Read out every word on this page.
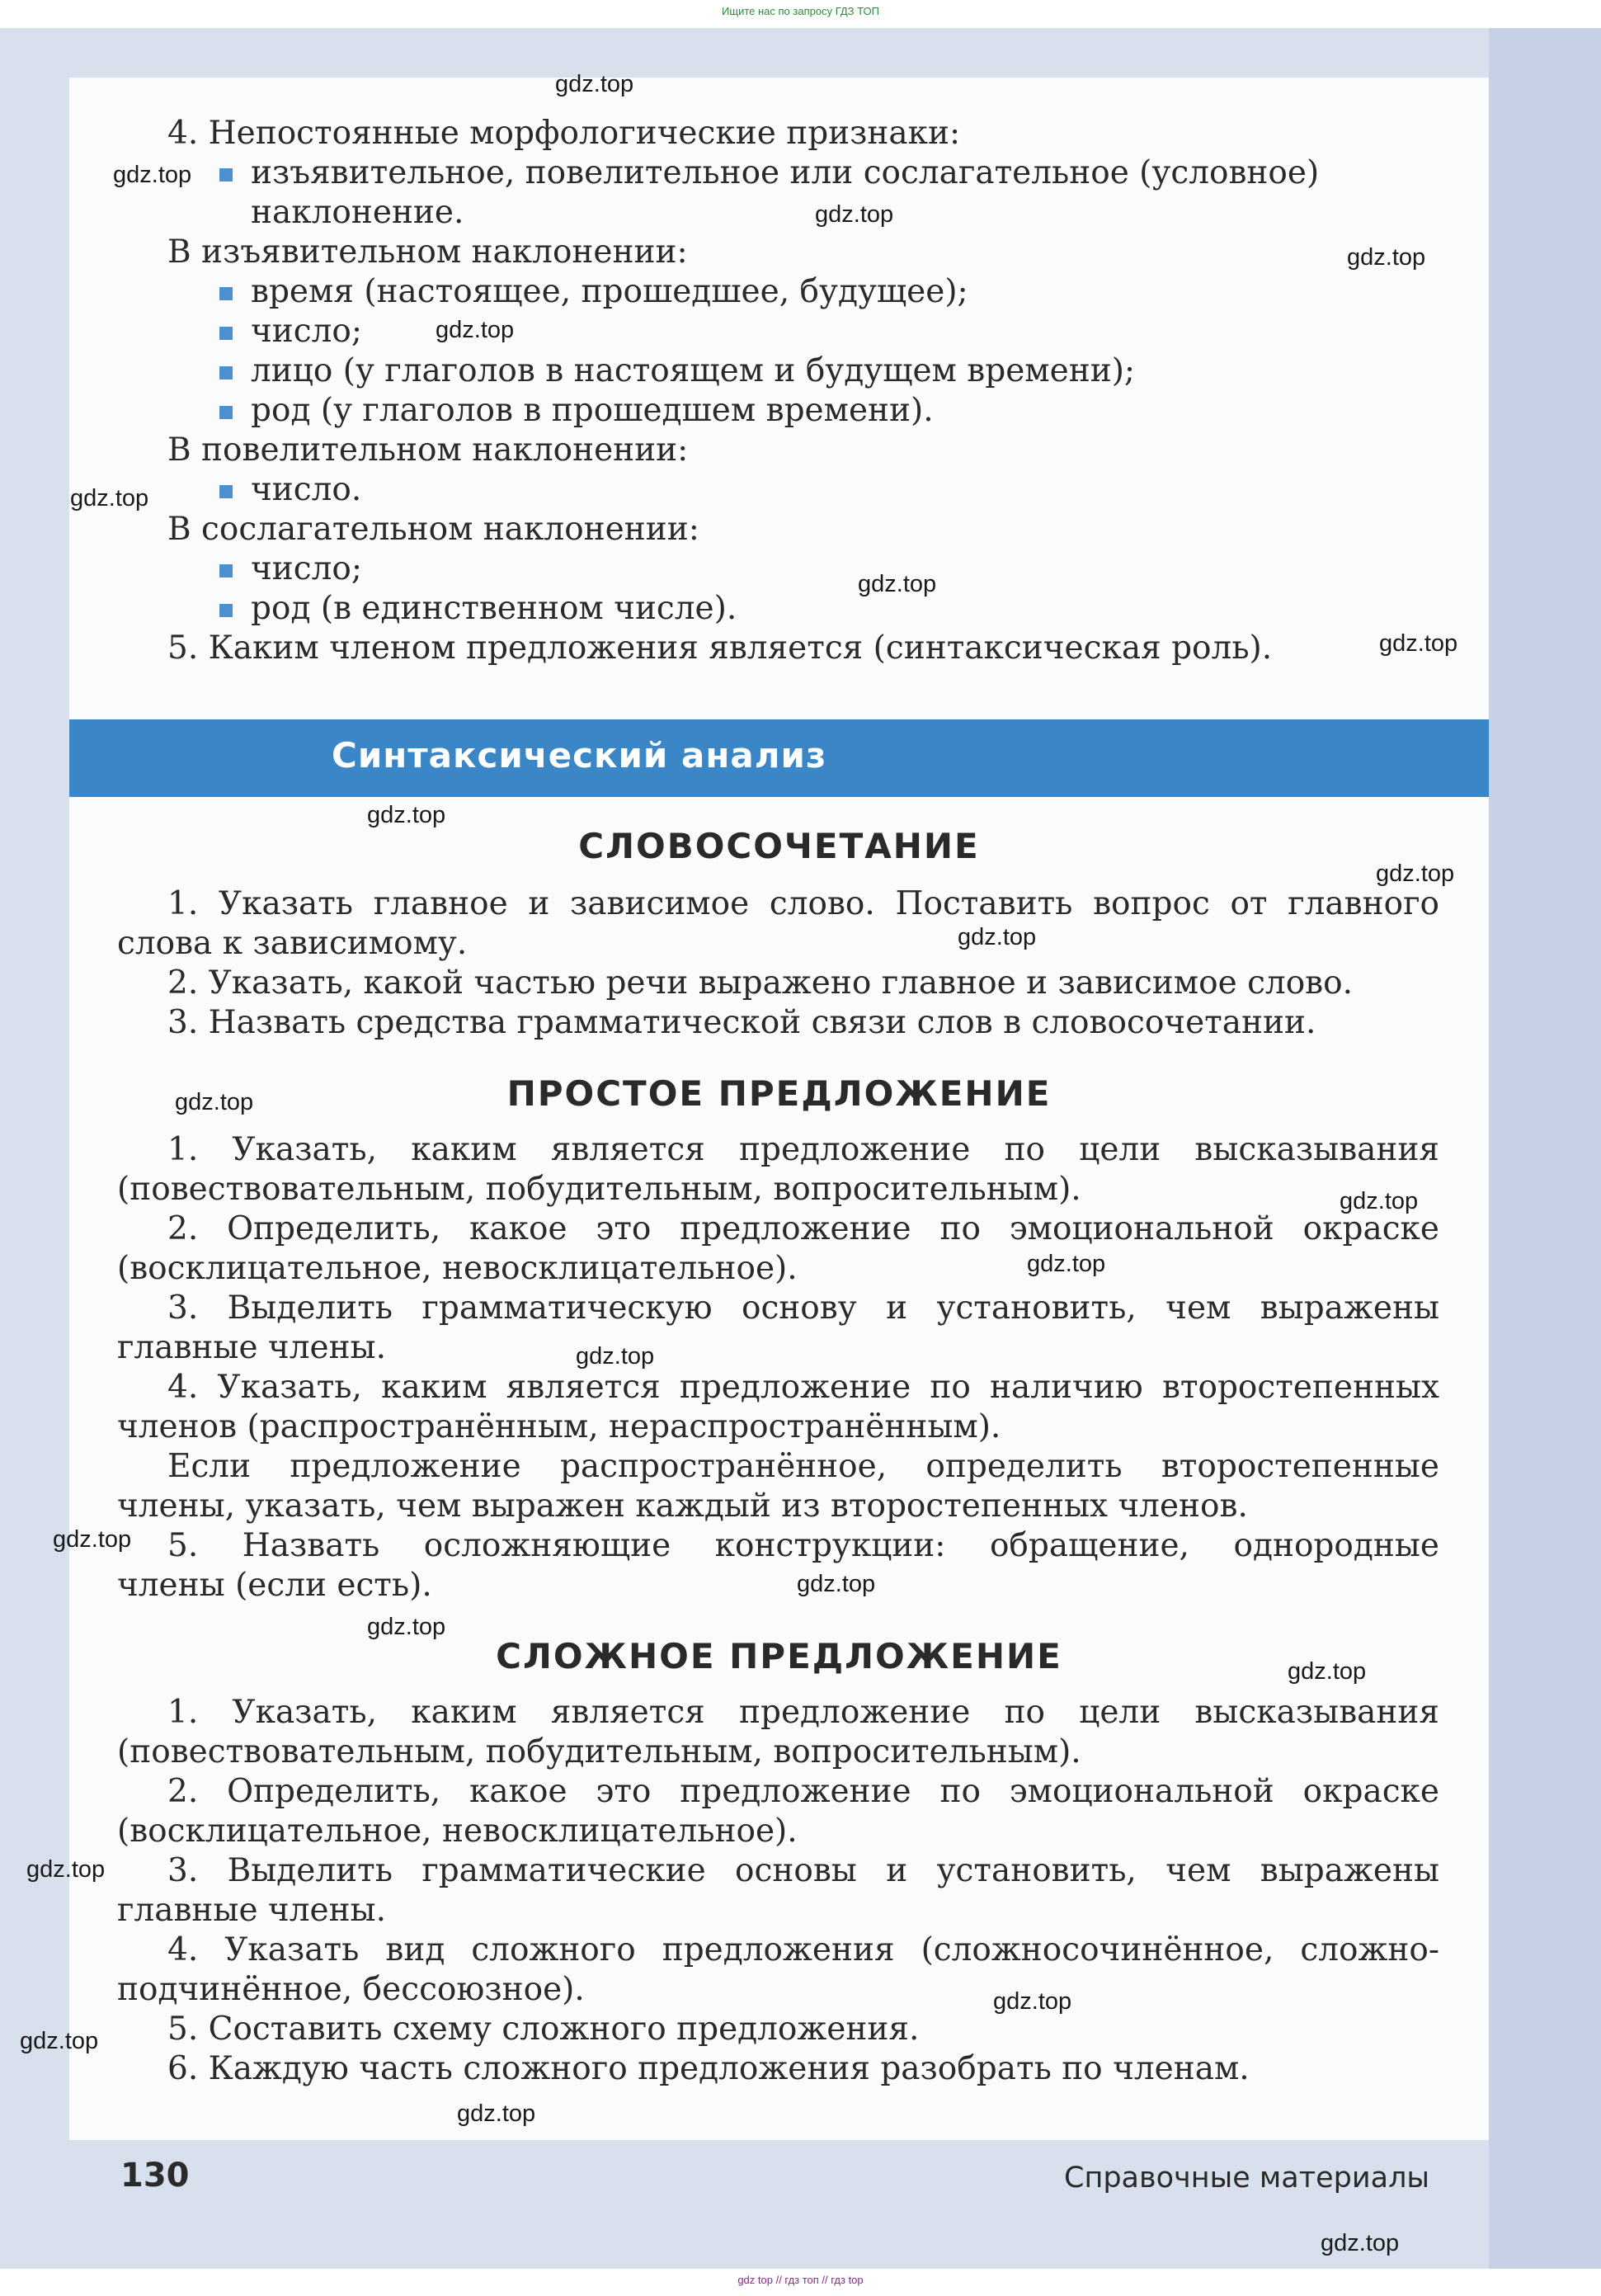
Ищите нас по запросу ГДЗ ТОП
4. Непостоянные морфологические признаки:
изъявительное, повелительное или сослагательное (условное)
наклонение.
В изъявительном наклонении:
время (настоящее, прошедшее, будущее);
число;
лицо (у глаголов в настоящем и будущем времени);
род (у глаголов в прошедшем времени).
В повелительном наклонении:
число.
В сослагательном наклонении:
число;
род (в единственном числе).
5. Каким членом предложения является (синтаксическая роль).
Синтаксический анализ
СЛОВОСОЧЕТАНИЕ
1. Указать главное и зависимое слово. Поставить вопрос от главного
слова к зависимому.
2. Указать, какой частью речи выражено главное и зависимое слово.
3. Назвать средства грамматической связи слов в словосочетании.
ПРОСТОЕ ПРЕДЛОЖЕНИЕ
1. Указать, каким является предложение по цели высказывания
(повествовательным, побудительным, вопросительным).
2. Определить, какое это предложение по эмоциональной окраске
(восклицательное, невосклицательное).
3. Выделить грамматическую основу и установить, чем выражены
главные члены.
4. Указать, каким является предложение по наличию второстепенных
членов (распространённым, нераспространённым).
Если предложение распространённое, определить второстепенные
члены, указать, чем выражен каждый из второстепенных членов.
5. Назвать осложняющие конструкции: обращение, однородные
члены (если есть).
СЛОЖНОЕ ПРЕДЛОЖЕНИЕ
1. Указать, каким является предложение по цели высказывания
(повествовательным, побудительным, вопросительным).
2. Определить, какое это предложение по эмоциональной окраске
(восклицательное, невосклицательное).
3. Выделить грамматические основы и установить, чем выражены
главные члены.
4. Указать вид сложного предложения (сложносочинённое, сложно-
подчинённое, бессоюзное).
5. Составить схему сложного предложения.
6. Каждую часть сложного предложения разобрать по членам.
130	Справочные материалы
gdz.top
gdz.top
gdz.top
gdz.top
gdz.top
gdz.top
gdz.top
gdz.top
gdz.top
gdz.top
gdz.top
gdz.top
gdz.top
gdz.top
gdz.top
gdz.top
gdz.top
gdz.top
gdz.top
gdz.top
gdz.top
gdz.top
gdz.top
gdz.top
gdz top // гдз топ // гдз top
